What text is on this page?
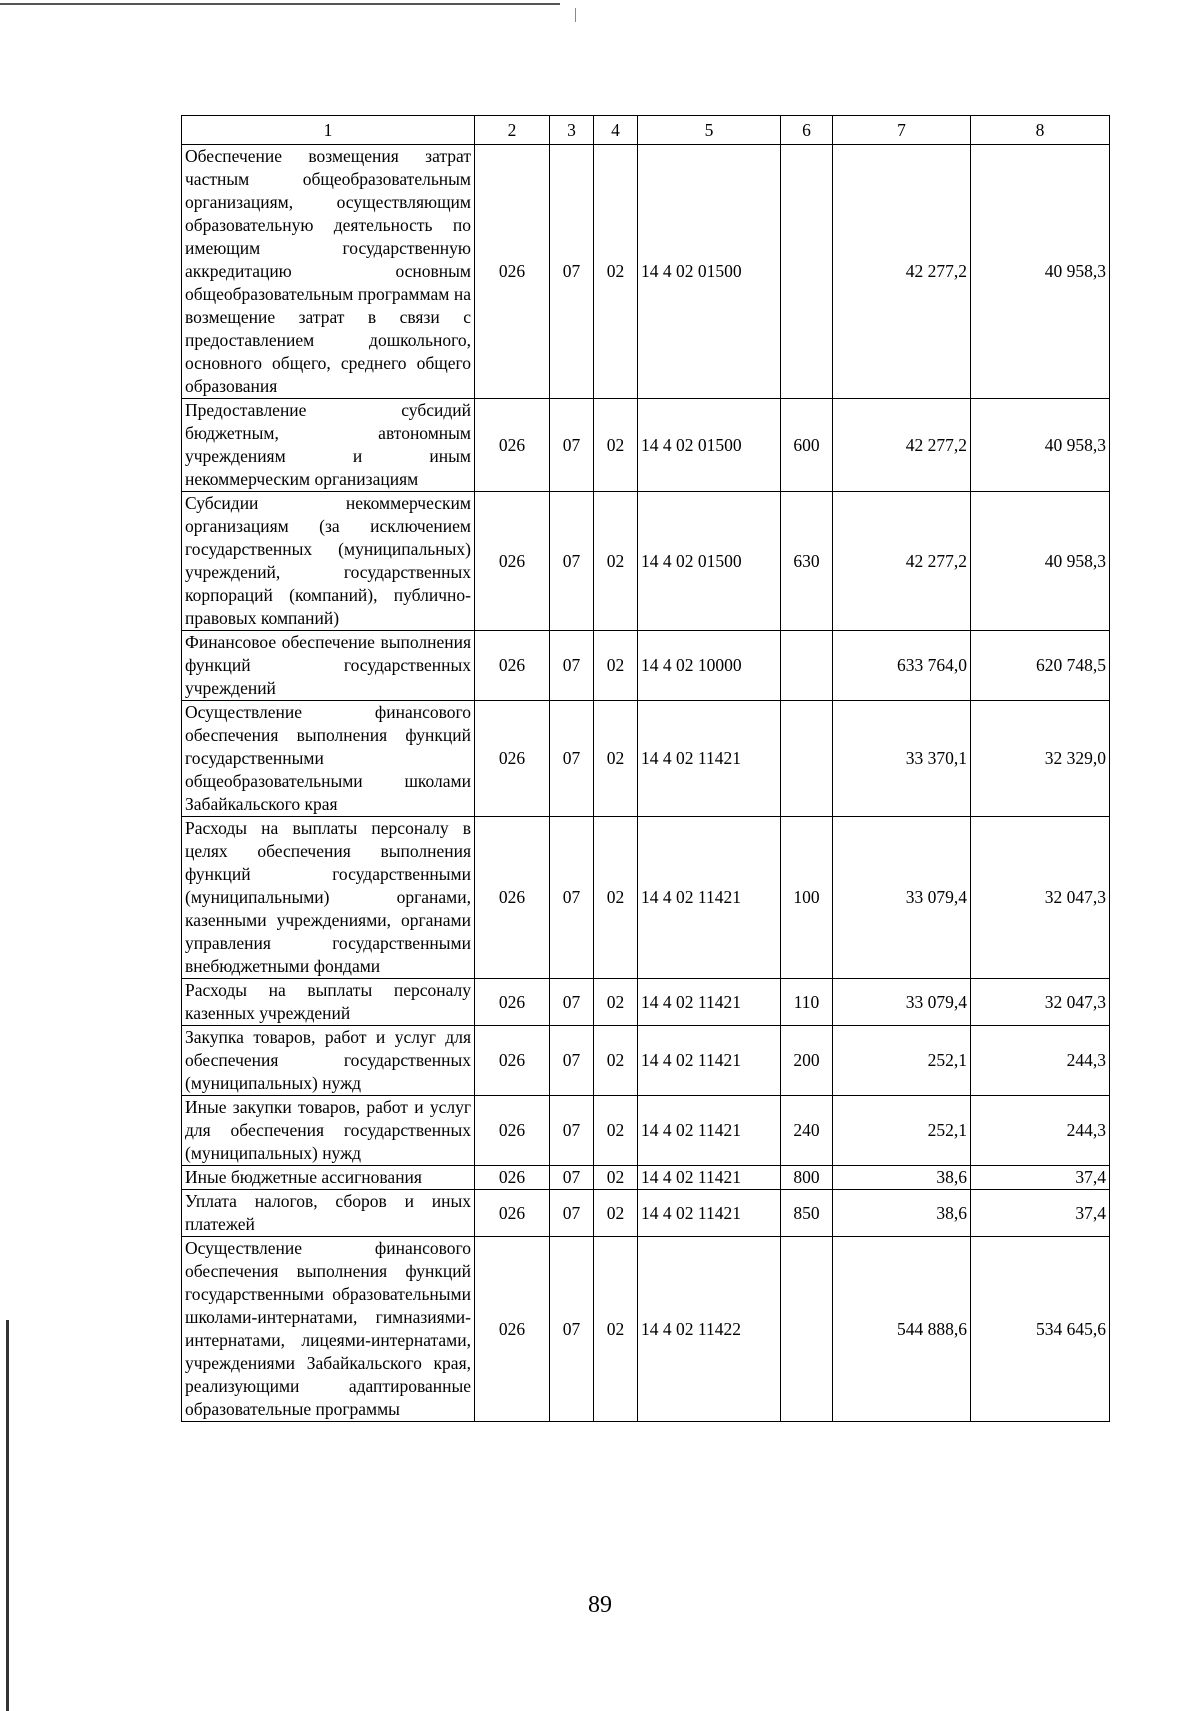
1	2	3	4	5	6	7	8
Обеспечение возмещения затрат частным общеобразовательным организациям, осуществляющим образовательную деятельность по имеющим государственную аккредитацию основным общеобразовательным программам на возмещение затрат в связи с предоставлением дошкольного, основного общего, среднего общего образования	026	07	02	14 4 02 01500		42 277,2	40 958,3
Предоставление субсидий бюджетным, автономным учреждениям и иным некоммерческим организациям	026	07	02	14 4 02 01500	600	42 277,2	40 958,3
Субсидии некоммерческим организациям (за исключением государственных (муниципальных) учреждений, государственных корпораций (компаний), публично-правовых компаний)	026	07	02	14 4 02 01500	630	42 277,2	40 958,3
Финансовое обеспечение выполнения функций государственных учреждений	026	07	02	14 4 02 10000		633 764,0	620 748,5
Осуществление финансового обеспечения выполнения функций государственными общеобразовательными школами Забайкальского края	026	07	02	14 4 02 11421		33 370,1	32 329,0
Расходы на выплаты персоналу в целях обеспечения выполнения функций государственными (муниципальными) органами, казенными учреждениями, органами управления государственными внебюджетными фондами	026	07	02	14 4 02 11421	100	33 079,4	32 047,3
Расходы на выплаты персоналу казенных учреждений	026	07	02	14 4 02 11421	110	33 079,4	32 047,3
Закупка товаров, работ и услуг для обеспечения государственных (муниципальных) нужд	026	07	02	14 4 02 11421	200	252,1	244,3
Иные закупки товаров, работ и услуг для обеспечения государственных (муниципальных) нужд	026	07	02	14 4 02 11421	240	252,1	244,3
Иные бюджетные ассигнования	026	07	02	14 4 02 11421	800	38,6	37,4
Уплата налогов, сборов и иных платежей	026	07	02	14 4 02 11421	850	38,6	37,4
Осуществление финансового обеспечения выполнения функций государственными образовательными школами-интернатами, гимназиями-интернатами, лицеями-интернатами, учреждениями Забайкальского края, реализующими адаптированные образовательные программы	026	07	02	14 4 02 11422		544 888,6	534 645,6
89
